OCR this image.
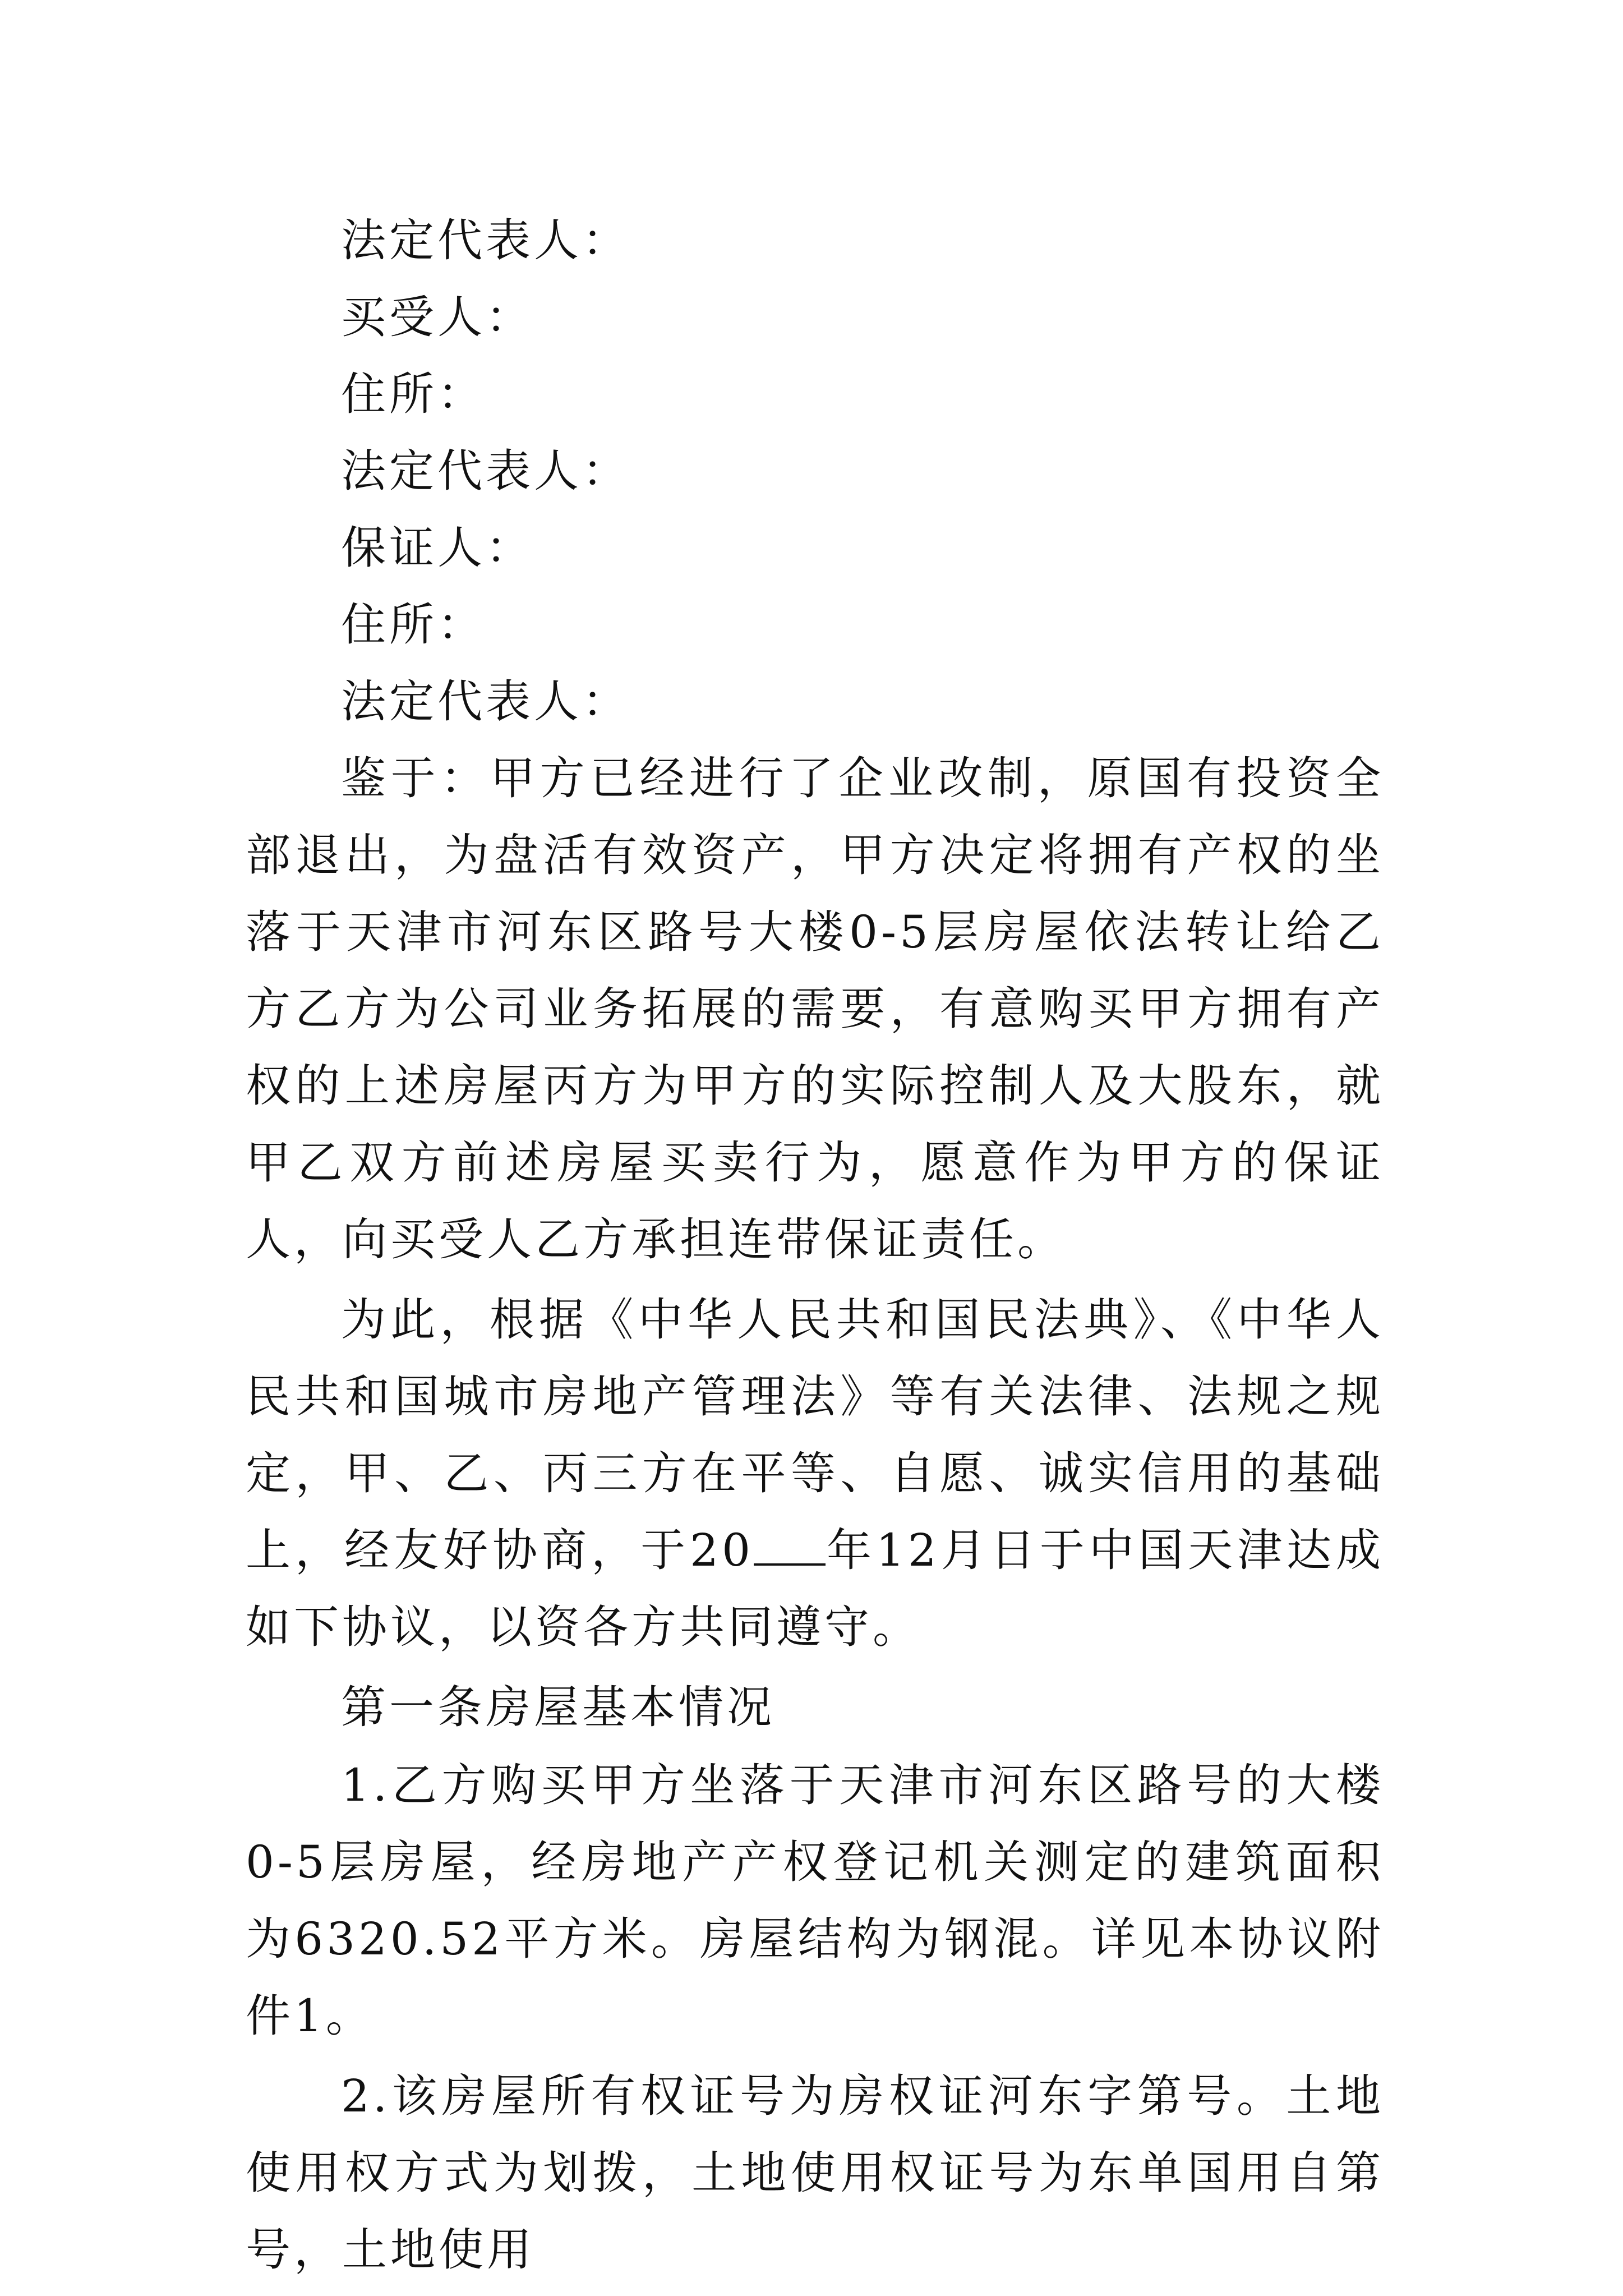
法定代表人：

买受人：

住所：

法定代表人：

保证人：

住所：

法定代表人：

鉴于：甲方已经进行了企业改制，原国有投资全部退出，为盘活有效资产，甲方决定将拥有产权的坐落于天津市河东区路号大楼0-5层房屋依法转让给乙方乙方为公司业务拓展的需要，有意购买甲方拥有产权的上述房屋丙方为甲方的实际控制人及大股东，就甲乙双方前述房屋买卖行为，愿意作为甲方的保证人，向买受人乙方承担连带保证责任。

为此，根据《中华人民共和国民法典》、《中华人民共和国城市房地产管理法》等有关法律、法规之规定，甲、乙、丙三方在平等、自愿、诚实信用的基础上，经友好协商，于20 年12月日于中国天津达成如下协议，以资各方共同遵守。

第一条房屋基本情况

1.乙方购买甲方坐落于天津市河东区路号的大楼0-5层房屋，经房地产产权登记机关测定的建筑面积为6320.52平方米。房屋结构为钢混。详见本协议附件1。

2.该房屋所有权证号为房权证河东字第号。土地使用权方式为划拨，土地使用权证号为东单国用自第号，土地使用
